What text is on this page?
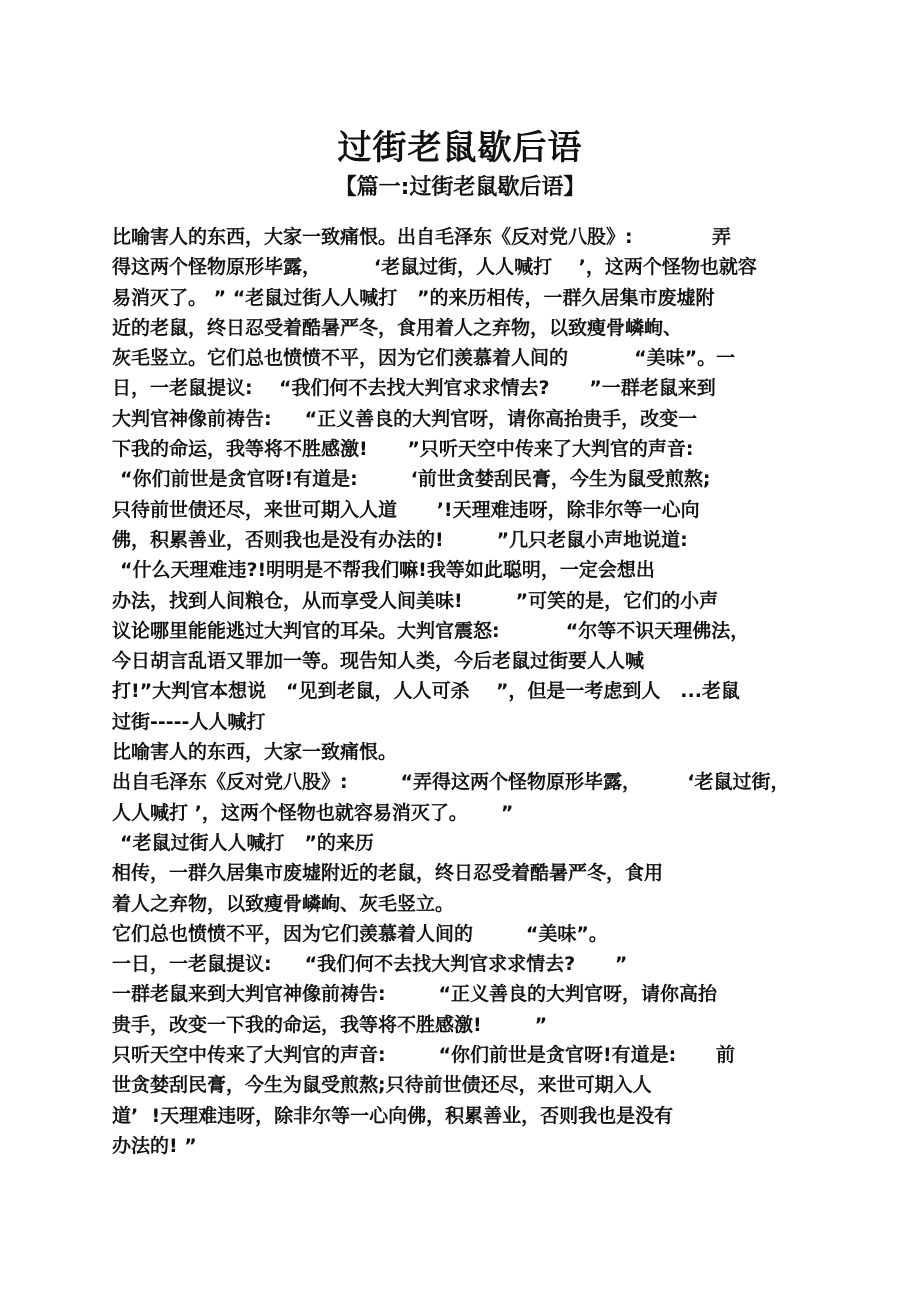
过街老鼠歇后语
【篇一:过街老鼠歇后语】
比喻害人的东西，大家一致痛恨。出自毛泽东《反对党八股》:            弄
得这两个怪物原形毕露，        ‘老鼠过街，人人喊打    ’，这两个怪物也就容
易消灭了。 ” “老鼠过街人人喊打   ”的来历相传，一群久居集市废墟附
近的老鼠，终日忍受着酷暑严冬，食用着人之弃物，以致瘦骨嶙峋、
灰毛竖立。它们总也愤愤不平，因为它们羡慕着人间的          “美味”。一
日，一老鼠提议:    “我们何不去找大判官求求情去?      ”一群老鼠来到
大判官神像前祷告:     “正义善良的大判官呀，请你高抬贵手，改变一
下我的命运，我等将不胜感激!      ”只听天空中传来了大判官的声音:
“你们前世是贪官呀!有道是:        ‘前世贪婪刮民膏，今生为鼠受煎熬;
只待前世债还尽，来世可期入人道      ’!天理难违呀，除非尔等一心向
佛，积累善业，否则我也是没有办法的!        ”几只老鼠小声地说道:
“什么天理难违?!明明是不帮我们嘛!我等如此聪明，一定会想出
办法，找到人间粮仓，从而享受人间美味!        ”可笑的是，它们的小声
议论哪里能能逃过大判官的耳朵。大判官震怒:          “尔等不识天理佛法，
今日胡言乱语又罪加一等。现告知人类，今后老鼠过街要人人喊
打!”大判官本想说   “见到老鼠，人人可杀    ”，但是一考虑到人   ...老鼠
过街-----人人喊打
比喻害人的东西，大家一致痛恨。
出自毛泽东《反对党八股》:        “弄得这两个怪物原形毕露，       ‘老鼠过街，
人人喊打 ’，这两个怪物也就容易消灭了。     ”
“老鼠过街人人喊打   ”的来历
相传，一群久居集市废墟附近的老鼠，终日忍受着酷暑严冬，食用
着人之弃物，以致瘦骨嶙峋、灰毛竖立。
它们总也愤愤不平，因为它们羡慕着人间的        “美味”。
一日，一老鼠提议:     “我们何不去找大判官求求情去?      ”
一群老鼠来到大判官神像前祷告:        “正义善良的大判官呀，请你高抬
贵手，改变一下我的命运，我等将不胜感激!        ”
只听天空中传来了大判官的声音:        “你们前世是贪官呀!有道是:      前
世贪婪刮民膏，今生为鼠受煎熬;只待前世债还尽，来世可期入人
道’  !天理难违呀，除非尔等一心向佛，积累善业，否则我也是没有
办法的! ”
